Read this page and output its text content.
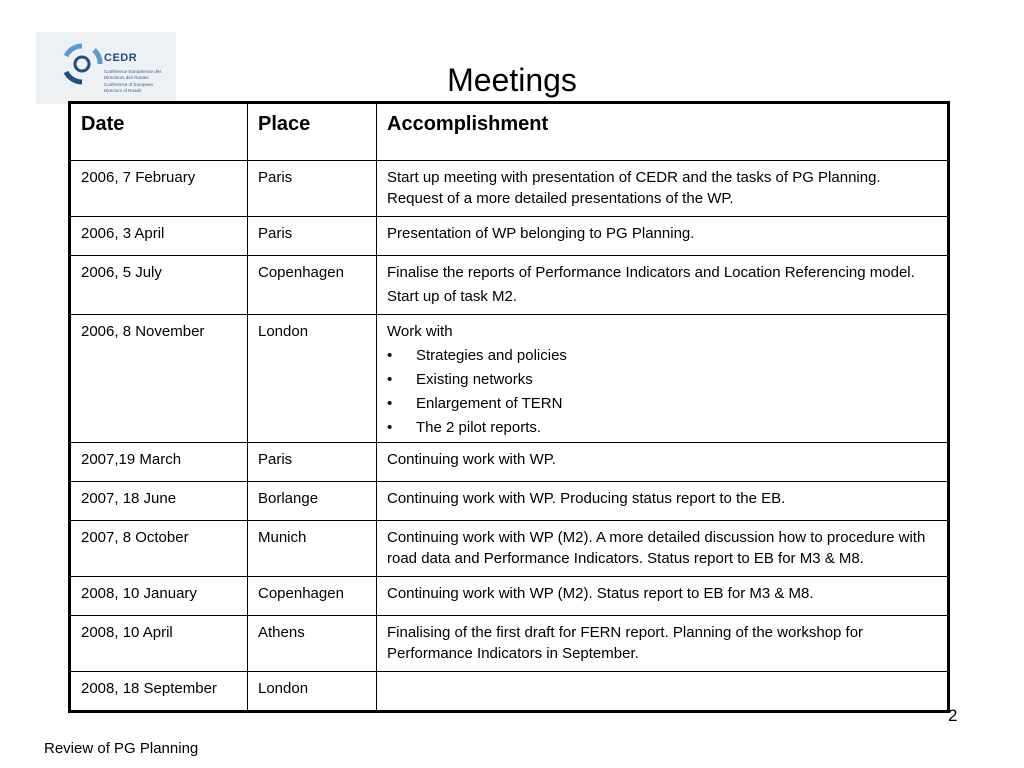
CEDR
Conférence Européenne des Directeurs des Routes
Conference of European Directors of Roads	Meetings
Date	Place	Accomplishment
2006, 7 February	Paris	Start up meeting with presentation of CEDR and the tasks of PG Planning. Request of a more detailed presentations of the WP.

2006, 3 April	Paris	Presentation of WP belonging to PG Planning.

2006, 5 July	Copenhagen	Finalise the reports of Performance Indicators and Location Referencing model.
Start up of task M2.

2006, 8 November	London	Work with
• Strategies and policies
• Existing networks
• Enlargement of TERN
• The 2 pilot reports.

2007,19 March	Paris	Continuing work with WP.

2007, 18 June	Borlange	Continuing work with WP. Producing status report to the EB.

2007, 8 October	Munich	Continuing work with WP (M2). A more detailed discussion how to procedure with road data and Performance Indicators. Status report to EB for M3 & M8.

2008, 10 January	Copenhagen	Continuing work with WP (M2). Status report to EB for M3 & M8.

2008, 10 April	Athens	Finalising of the first draft for FERN report. Planning of the workshop for Performance Indicators in September.

2008, 18 September	London	
2
Review of PG Planning
